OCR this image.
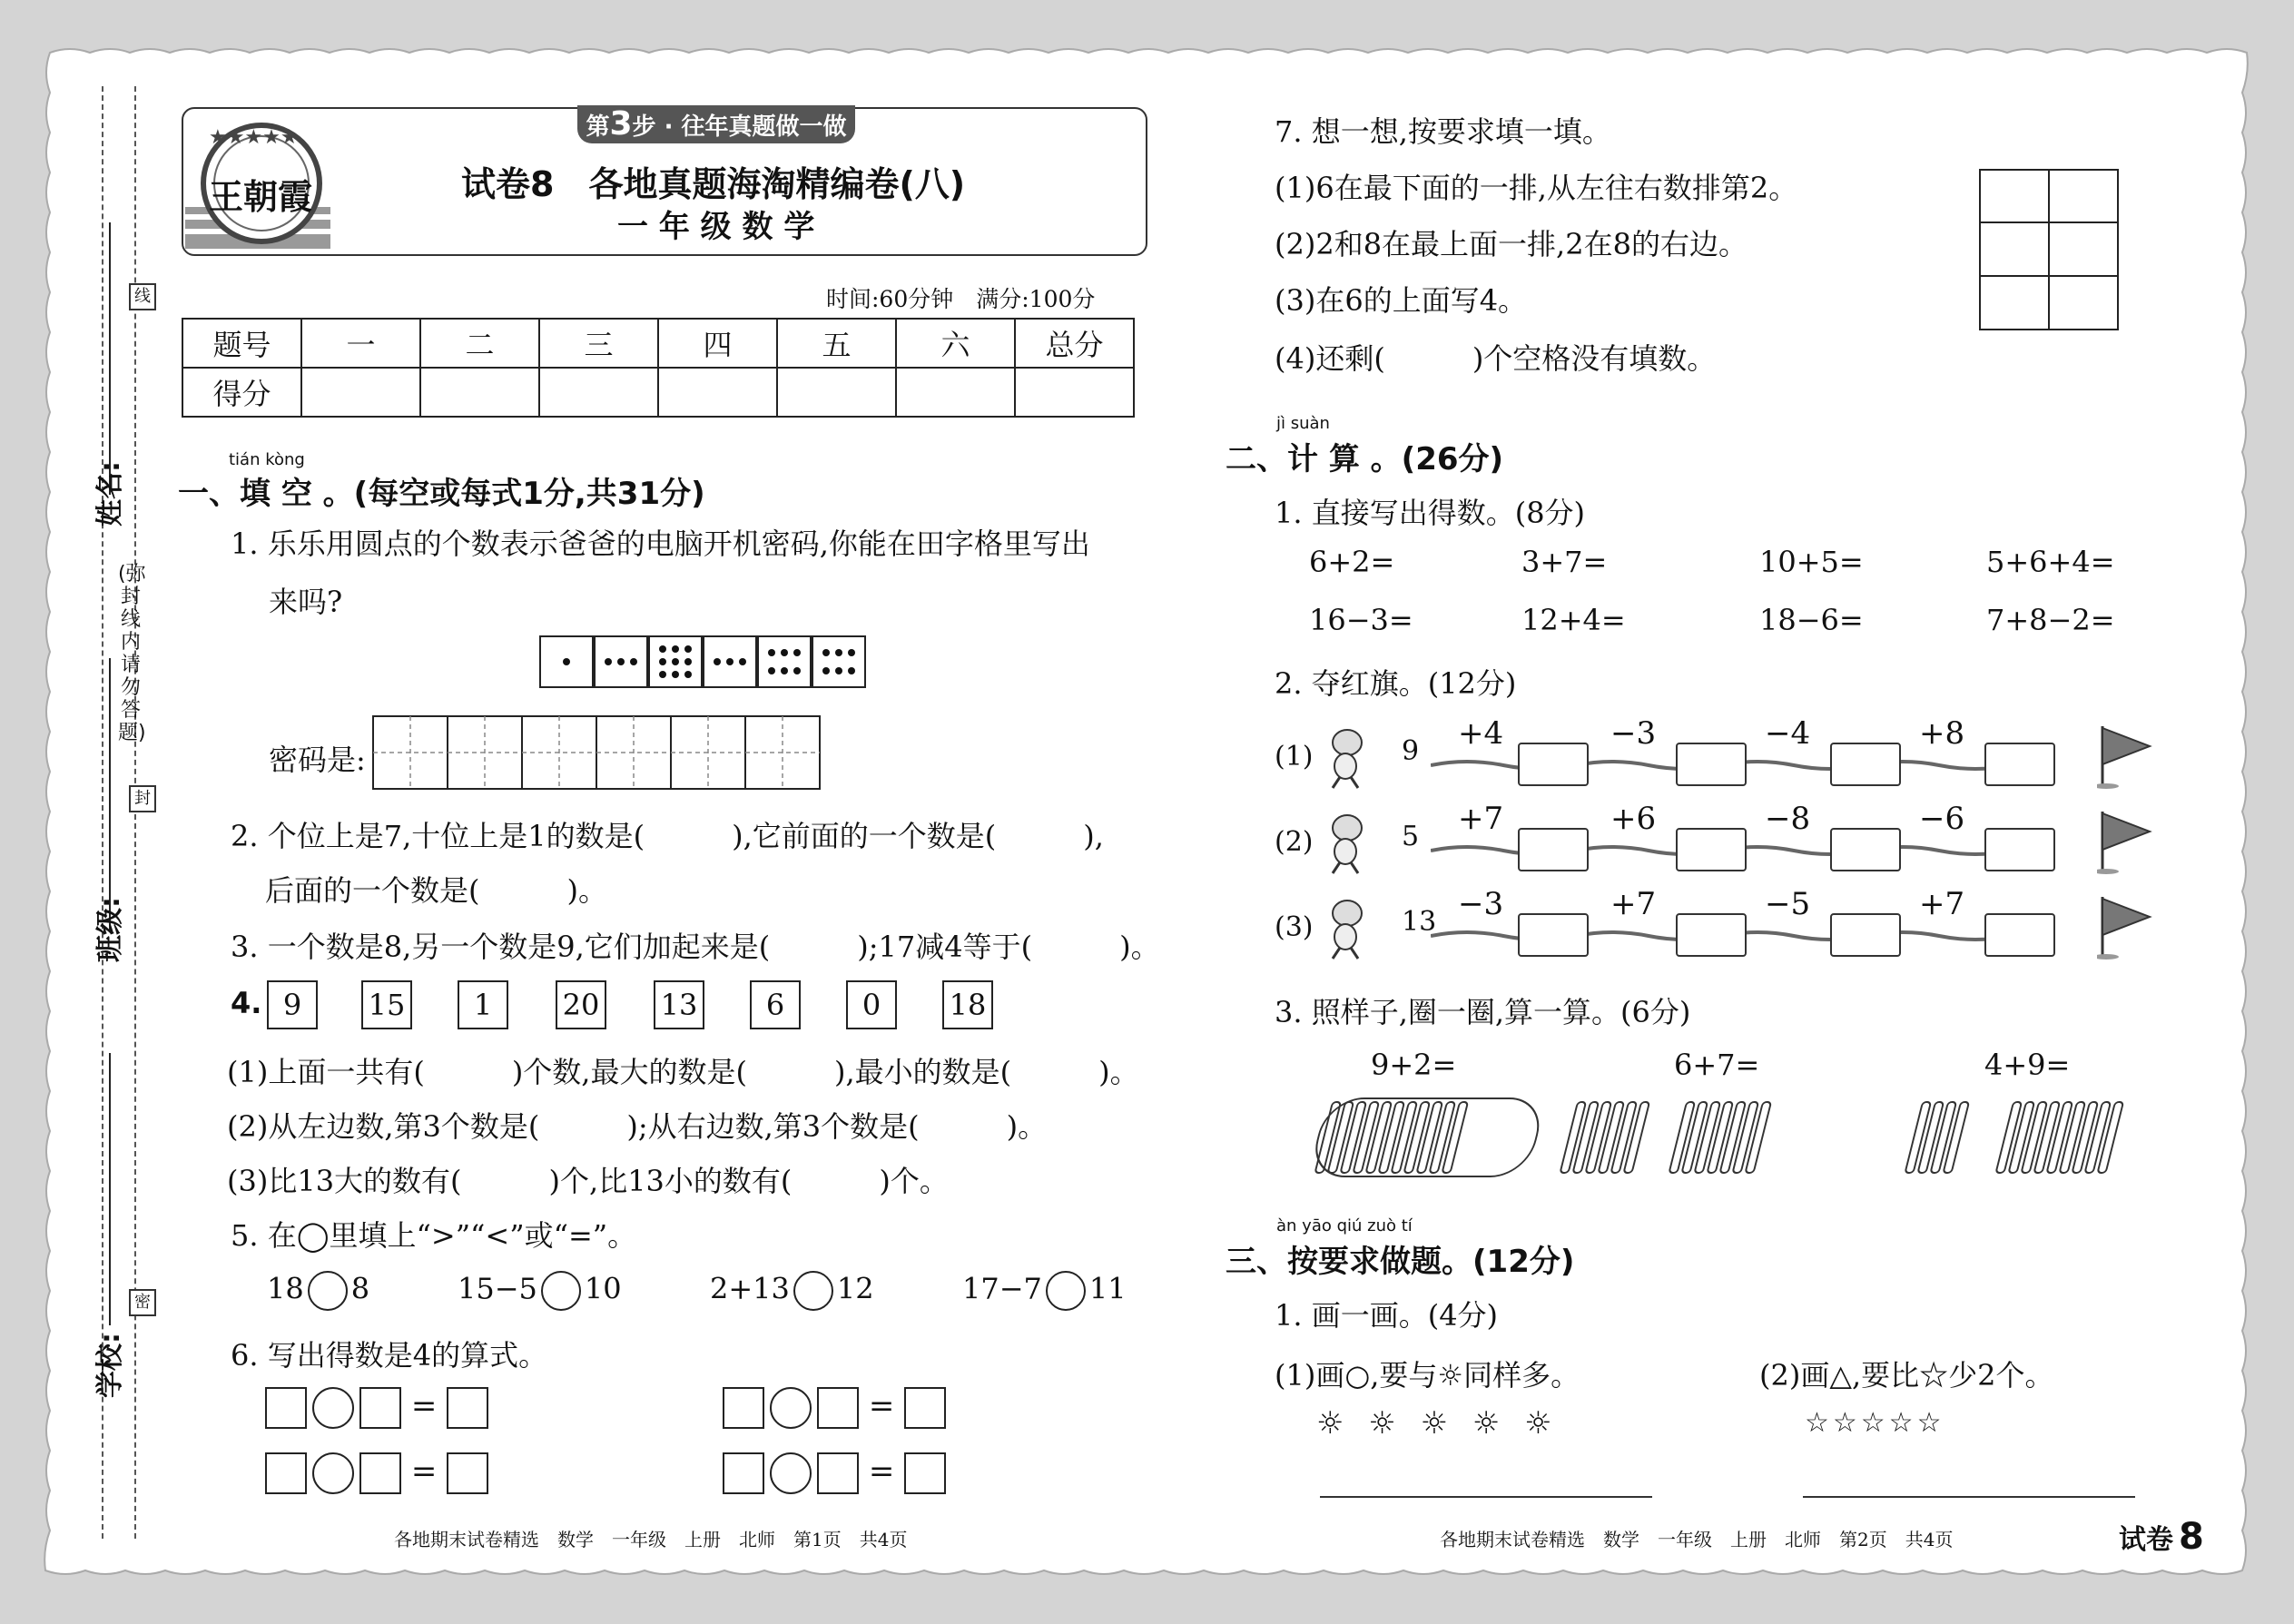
线
封
密
(弥封线内请勿答题)
姓名:
班级:
学校:
★★★★★
王朝霞
第3步 · 往年真题做一做
试卷8　各地真题海淘精编卷(八)
一 年 级 数 学
时间:60分钟　满分:100分
题号	一	二	三	四	五	六	总分
得分							
tián kòng
一、填 空 。(每空或每式1分,共31分)
1. 乐乐用圆点的个数表示爸爸的电脑开机密码,你能在田字格里写出
来吗?
密码是:
2. 个位上是7,十位上是1的数是(　　　),它前面的一个数是(　　　),
后面的一个数是(　　　)。
3. 一个数是8,另一个数是9,它们加起来是(　　　);17减4等于(　　　)。
4. 9	15	1	20 13	6	0	18
(1)上面一共有(　　　)个数,最大的数是(　　　),最小的数是(　　　)。
(2)从左边数,第3个数是(　　　);从右边数,第3个数是(　　　)。
(3)比13大的数有(　　　)个,比13小的数有(　　　)个。
5. 在◯里填上“>”“<”或“=”。
18 8	15−5 10	2+13 12	17−7 11
6. 写出得数是4的算式。
=	=
=	=
各地期末试卷精选　数学　一年级　上册　北师　第1页　共4页
7. 想一想,按要求填一填。
(1)6在最下面的一排,从左往右数排第2。
(2)2和8在最上面一排,2在8的右边。
(3)在6的上面写4。
(4)还剩(　　　)个空格没有填数。
jì suàn
二、计 算 。(26分)
1. 直接写出得数。(8分)
6+2=	3+7=	10+5=	5+6+4=
16−3=	12+4=	18−6=	7+8−2=
2. 夺红旗。(12分)
(1)	9 +4	−3	−4	+8
(2)	5 +7	+6	−8	−6
(3)	13 −3	+7	−5	+7
3. 照样子,圈一圈,算一算。(6分)
9+2=	6+7=	4+9=
àn yāo qiú zuò tí
三、按要求做题。(12分)
1. 画一画。(4分)
(1)画○,要与☼同样多。	(2)画△,要比☆少2个。
☼ ☼ ☼ ☼ ☼	☆☆☆☆☆
各地期末试卷精选　数学　一年级　上册　北师　第2页　共4页	试卷 8
